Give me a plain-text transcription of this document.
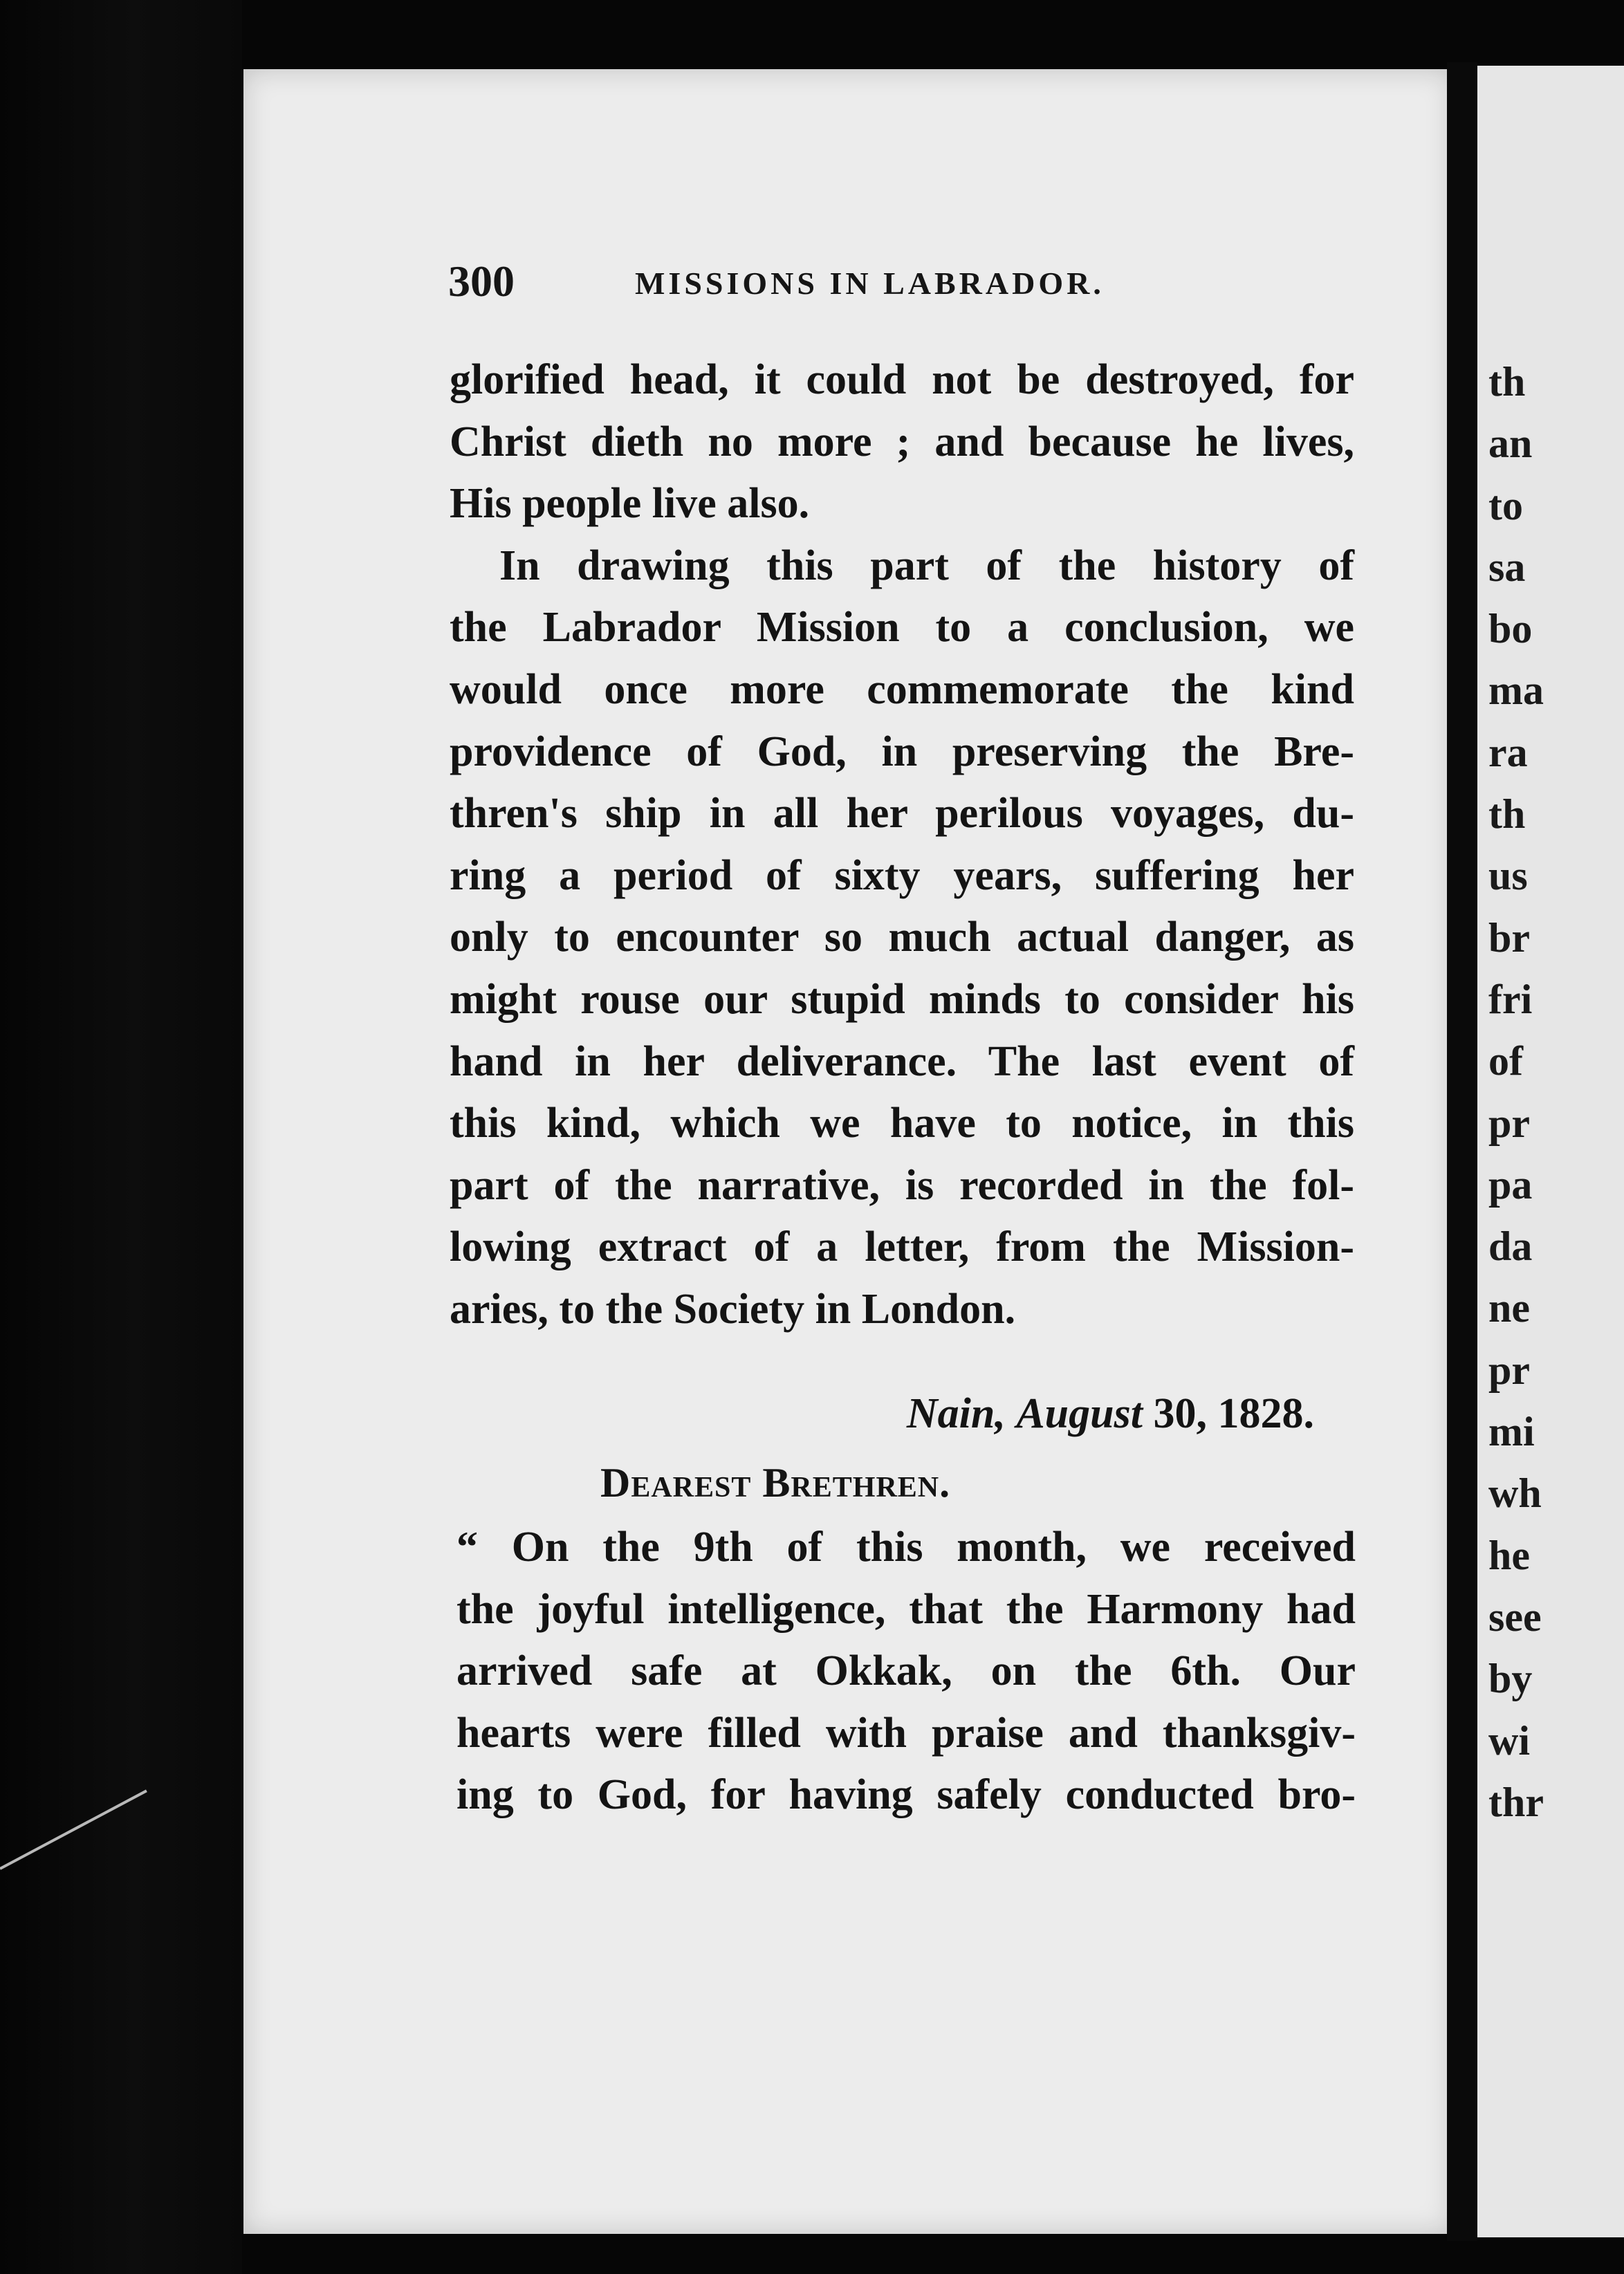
300	MISSIONS IN LABRADOR.
glorified head, it could not be destroyed, for
Christ dieth no more ; and because he lives,
His people live also.
In drawing this part of the history of
the Labrador Mission to a conclusion, we
would once more commemorate the kind
providence of God, in preserving the Bre-
thren's ship in all her perilous voyages, du-
ring a period of sixty years, suffering her
only to encounter so much actual danger, as
might rouse our stupid minds to consider his
hand in her deliverance. The last event of
this kind, which we have to notice, in this
part of the narrative, is recorded in the fol-
lowing extract of a letter, from the Mission-
aries, to the Society in London.
Nain, August 30, 1828.
Dearest Brethren.
“ On the 9th of this month, we received
the joyful intelligence, that the Harmony had
arrived safe at Okkak, on the 6th. Our
hearts were filled with praise and thanksgiv-
ing to God, for having safely conducted bro-
th
an
to
sa
bo
ma
ra
th
us
br
fri
of
pr
pa
da
ne
pr
mi
wh
he
see
by
wi
thr
